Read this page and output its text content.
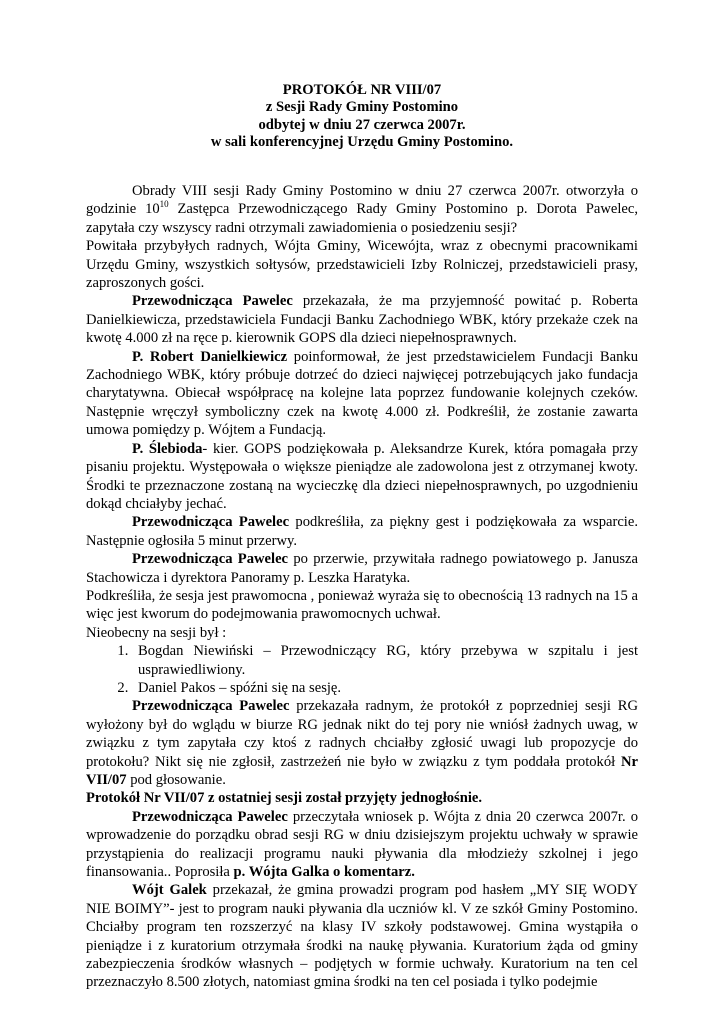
PROTOKÓŁ NR VIII/07
z Sesji Rady Gminy Postomino
odbytej w dniu 27 czerwca 2007r.
w sali konferencyjnej Urzędu Gminy Postomino.

Obrady VIII sesji Rady Gminy Postomino w dniu 27 czerwca 2007r. otworzyła o godzinie $10^{10}$ Zastępca Przewodniczącego Rady Gminy Postomino p. Dorota Pawelec, zapytała czy wszyscy radni otrzymali zawiadomienia o posiedzeniu sesji?

Powitała przybyłych radnych, Wójta Gminy, Wicewójta, wraz z obecnymi pracownikami Urzędu Gminy, wszystkich sołtysów, przedstawicieli Izby Rolniczej, przedstawicieli prasy, zaproszonych gości.

Przewodnicząca Pawelec przekazała, że ma przyjemność powitać p. Roberta Danielkiewicza, przedstawiciela Fundacji Banku Zachodniego WBK, który przekaże czek na kwotę 4.000 zł na ręce p. kierownik GOPS dla dzieci niepełnosprawnych.

P. Robert Danielkiewicz poinformował, że jest przedstawicielem Fundacji Banku Zachodniego WBK, który próbuje dotrzeć do dzieci najwięcej potrzebujących jako fundacja charytatywna. Obiecał współpracę na kolejne lata poprzez fundowanie kolejnych czeków. Następnie wręczył symboliczny czek na kwotę 4.000 zł. Podkreślił, że zostanie zawarta umowa pomiędzy p. Wójtem a Fundacją.

P. Ślebioda- kier. GOPS podziękowała p. Aleksandrze Kurek, która pomagała przy pisaniu projektu. Występowała o większe pieniądze ale zadowolona jest z otrzymanej kwoty. Środki te przeznaczone zostaną na wycieczkę dla dzieci niepełnosprawnych, po uzgodnieniu dokąd chciałyby jechać.

Przewodnicząca Pawelec podkreśliła, za piękny gest i podziękowała za wsparcie. Następnie ogłosiła 5 minut przerwy.

Przewodnicząca Pawelec po przerwie, przywitała radnego powiatowego p. Janusza Stachowicza i dyrektora Panoramy p. Leszka Haratyka.

Podkreśliła, że sesja jest prawomocna , ponieważ wyraża się to obecnością 13 radnych na 15 a więc jest kworum do podejmowania prawomocnych uchwał.

Nieobecny na sesji był :

1. Bogdan Niewiński – Przewodniczący RG, który przebywa w szpitalu i jest usprawiedliwiony.
2. Daniel Pakos – spóźni się na sesję.

Przewodnicząca Pawelec przekazała radnym, że protokół z poprzedniej sesji RG wyłożony był do wglądu w biurze RG jednak nikt do tej pory nie wniósł żadnych uwag, w związku z tym zapytała czy ktoś z radnych chciałby zgłosić uwagi lub propozycje do protokołu? Nikt się nie zgłosił, zastrzeżeń nie było w związku z tym poddała protokół Nr VII/07 pod głosowanie.

Protokół Nr VII/07 z ostatniej sesji został przyjęty jednogłośnie.

Przewodnicząca Pawelec przeczytała wniosek p. Wójta z dnia 20 czerwca 2007r. o wprowadzenie do porządku obrad sesji RG w dniu dzisiejszym projektu uchwały w sprawie przystąpienia do realizacji programu nauki pływania dla młodzieży szkolnej i jego finansowania.. Poprosiła p. Wójta Galka o komentarz.

Wójt Galek przekazał, że gmina prowadzi program pod hasłem „MY SIĘ WODY NIE BOIMY”- jest to program nauki pływania dla uczniów kl. V ze szkół Gminy Postomino. Chciałby program ten rozszerzyć na klasy IV szkoły podstawowej. Gmina wystąpiła o pieniądze i z kuratorium otrzymała środki na naukę pływania. Kuratorium żąda od gminy zabezpieczenia środków własnych – podjętych w formie uchwały. Kuratorium na ten cel przeznaczyło 8.500 złotych, natomiast gmina środki na ten cel posiada i tylko podejmie
